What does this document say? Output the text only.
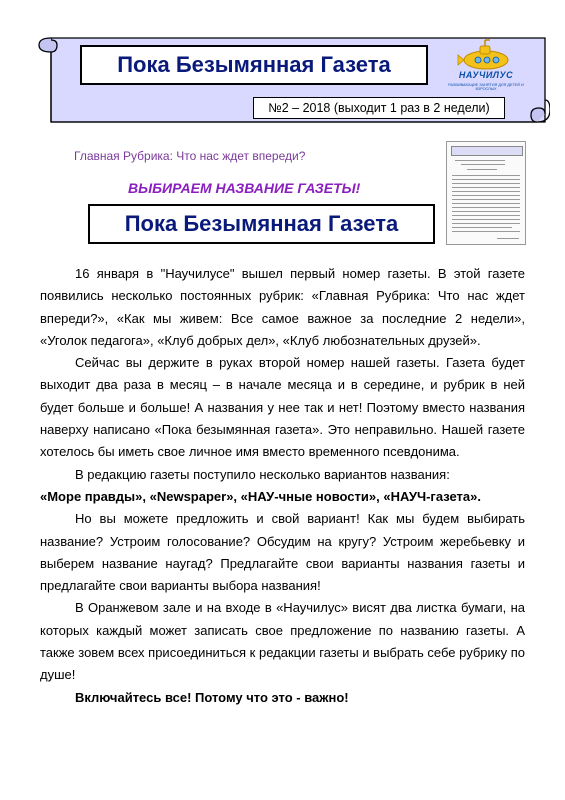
Пока Безымянная Газета
№2 – 2018 (выходит 1 раз в 2 недели)
НАУЧИЛУС
РАЗВИВАЮЩИЕ ЗАНЯТИЯ ДЛЯ ДЕТЕЙ И ВЗРОСЛЫХ
Главная Рубрика: Что нас ждет впереди?
ВЫБИРАЕМ НАЗВАНИЕ ГАЗЕТЫ!
Пока Безымянная Газета

16 января в "Научилусе" вышел первый номер газеты. В этой газете появились несколько постоянных рубрик: «Главная Рубрика: Что нас ждет впереди?», «Как мы живем: Все самое важное за последние 2 недели», «Уголок педагога», «Клуб добрых дел», «Клуб любознательных друзей».

Сейчас вы держите в руках второй номер нашей газеты. Газета будет выходит два раза в месяц – в начале месяца и в середине, и рубрик в ней будет больше и больше! А названия у нее так и нет! Поэтому вместо названия наверху написано «Пока безымянная газета». Это неправильно. Нашей газете хотелось бы иметь свое личное имя вместо временного псевдонима.

В редакцию газеты поступило несколько вариантов названия:

«Море правды», «Newspaper», «НАУ-чные новости», «НАУЧ-газета».

Но вы можете предложить и свой вариант! Как мы будем выбирать название? Устроим голосование? Обсудим на кругу? Устроим жеребьевку и выберем название наугад? Предлагайте свои варианты названия газеты и предлагайте свои варианты выбора названия!

В Оранжевом зале и на входе в «Научилус» висят два листка бумаги, на которых каждый может записать свое предложение по названию газеты. А также зовем всех присоединиться к редакции газеты и выбрать себе рубрику по душе!

Включайтесь все! Потому что это - важно!
